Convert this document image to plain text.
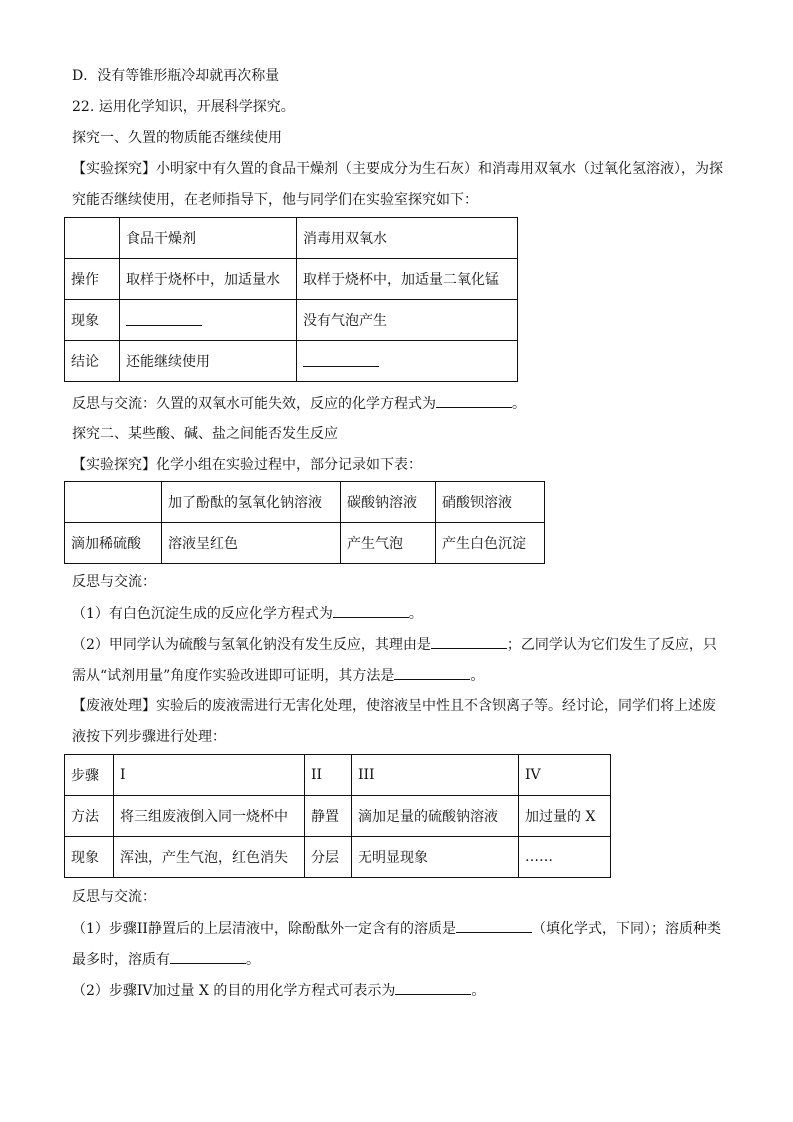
D．没有等锥形瓶冷却就再次称量
22. 运用化学知识，开展科学探究。
探究一、久置的物质能否继续使用
【实验探究】小明家中有久置的食品干燥剂（主要成分为生石灰）和消毒用双氧水（过氧化氢溶液），为探究能否继续使用，在老师指导下，他与同学们在实验室探究如下：
	食品干燥剂	消毒用双氧水
操作	取样于烧杯中，加适量水	取样于烧杯中，加适量二氧化锰
现象		没有气泡产生
结论	还能继续使用	
反思与交流：久置的双氧水可能失效，反应的化学方程式为	。
探究二、某些酸、碱、盐之间能否发生反应
【实验探究】化学小组在实验过程中，部分记录如下表：
	加了酚酞的氢氧化钠溶液	碳酸钠溶液	硝酸钡溶液
滴加稀硫酸	溶液呈红色	产生气泡	产生白色沉淀
反思与交流：
（1）有白色沉淀生成的反应化学方程式为	。
（2）甲同学认为硫酸与氢氧化钠没有发生反应，其理由是	；乙同学认为它们发生了反应，只
需从“试剂用量”角度作实验改进即可证明，其方法是	。
【废液处理】实验后的废液需进行无害化处理，使溶液呈中性且不含钡离子等。经讨论，同学们将上述废液按下列步骤进行处理：
步骤	I	II	III	IV
方法	将三组废液倒入同一烧杯中	静置	滴加足量的硫酸钠溶液	加过量的 X
现象	浑浊，产生气泡，红色消失	分层	无明显现象	……
反思与交流：
（1）步骤II静置后的上层清液中，除酚酞外一定含有的溶质是	（填化学式，下同）；溶质种类
最多时，溶质有	。
（2）步骤IV加过量 X 的目的用化学方程式可表示为	。
